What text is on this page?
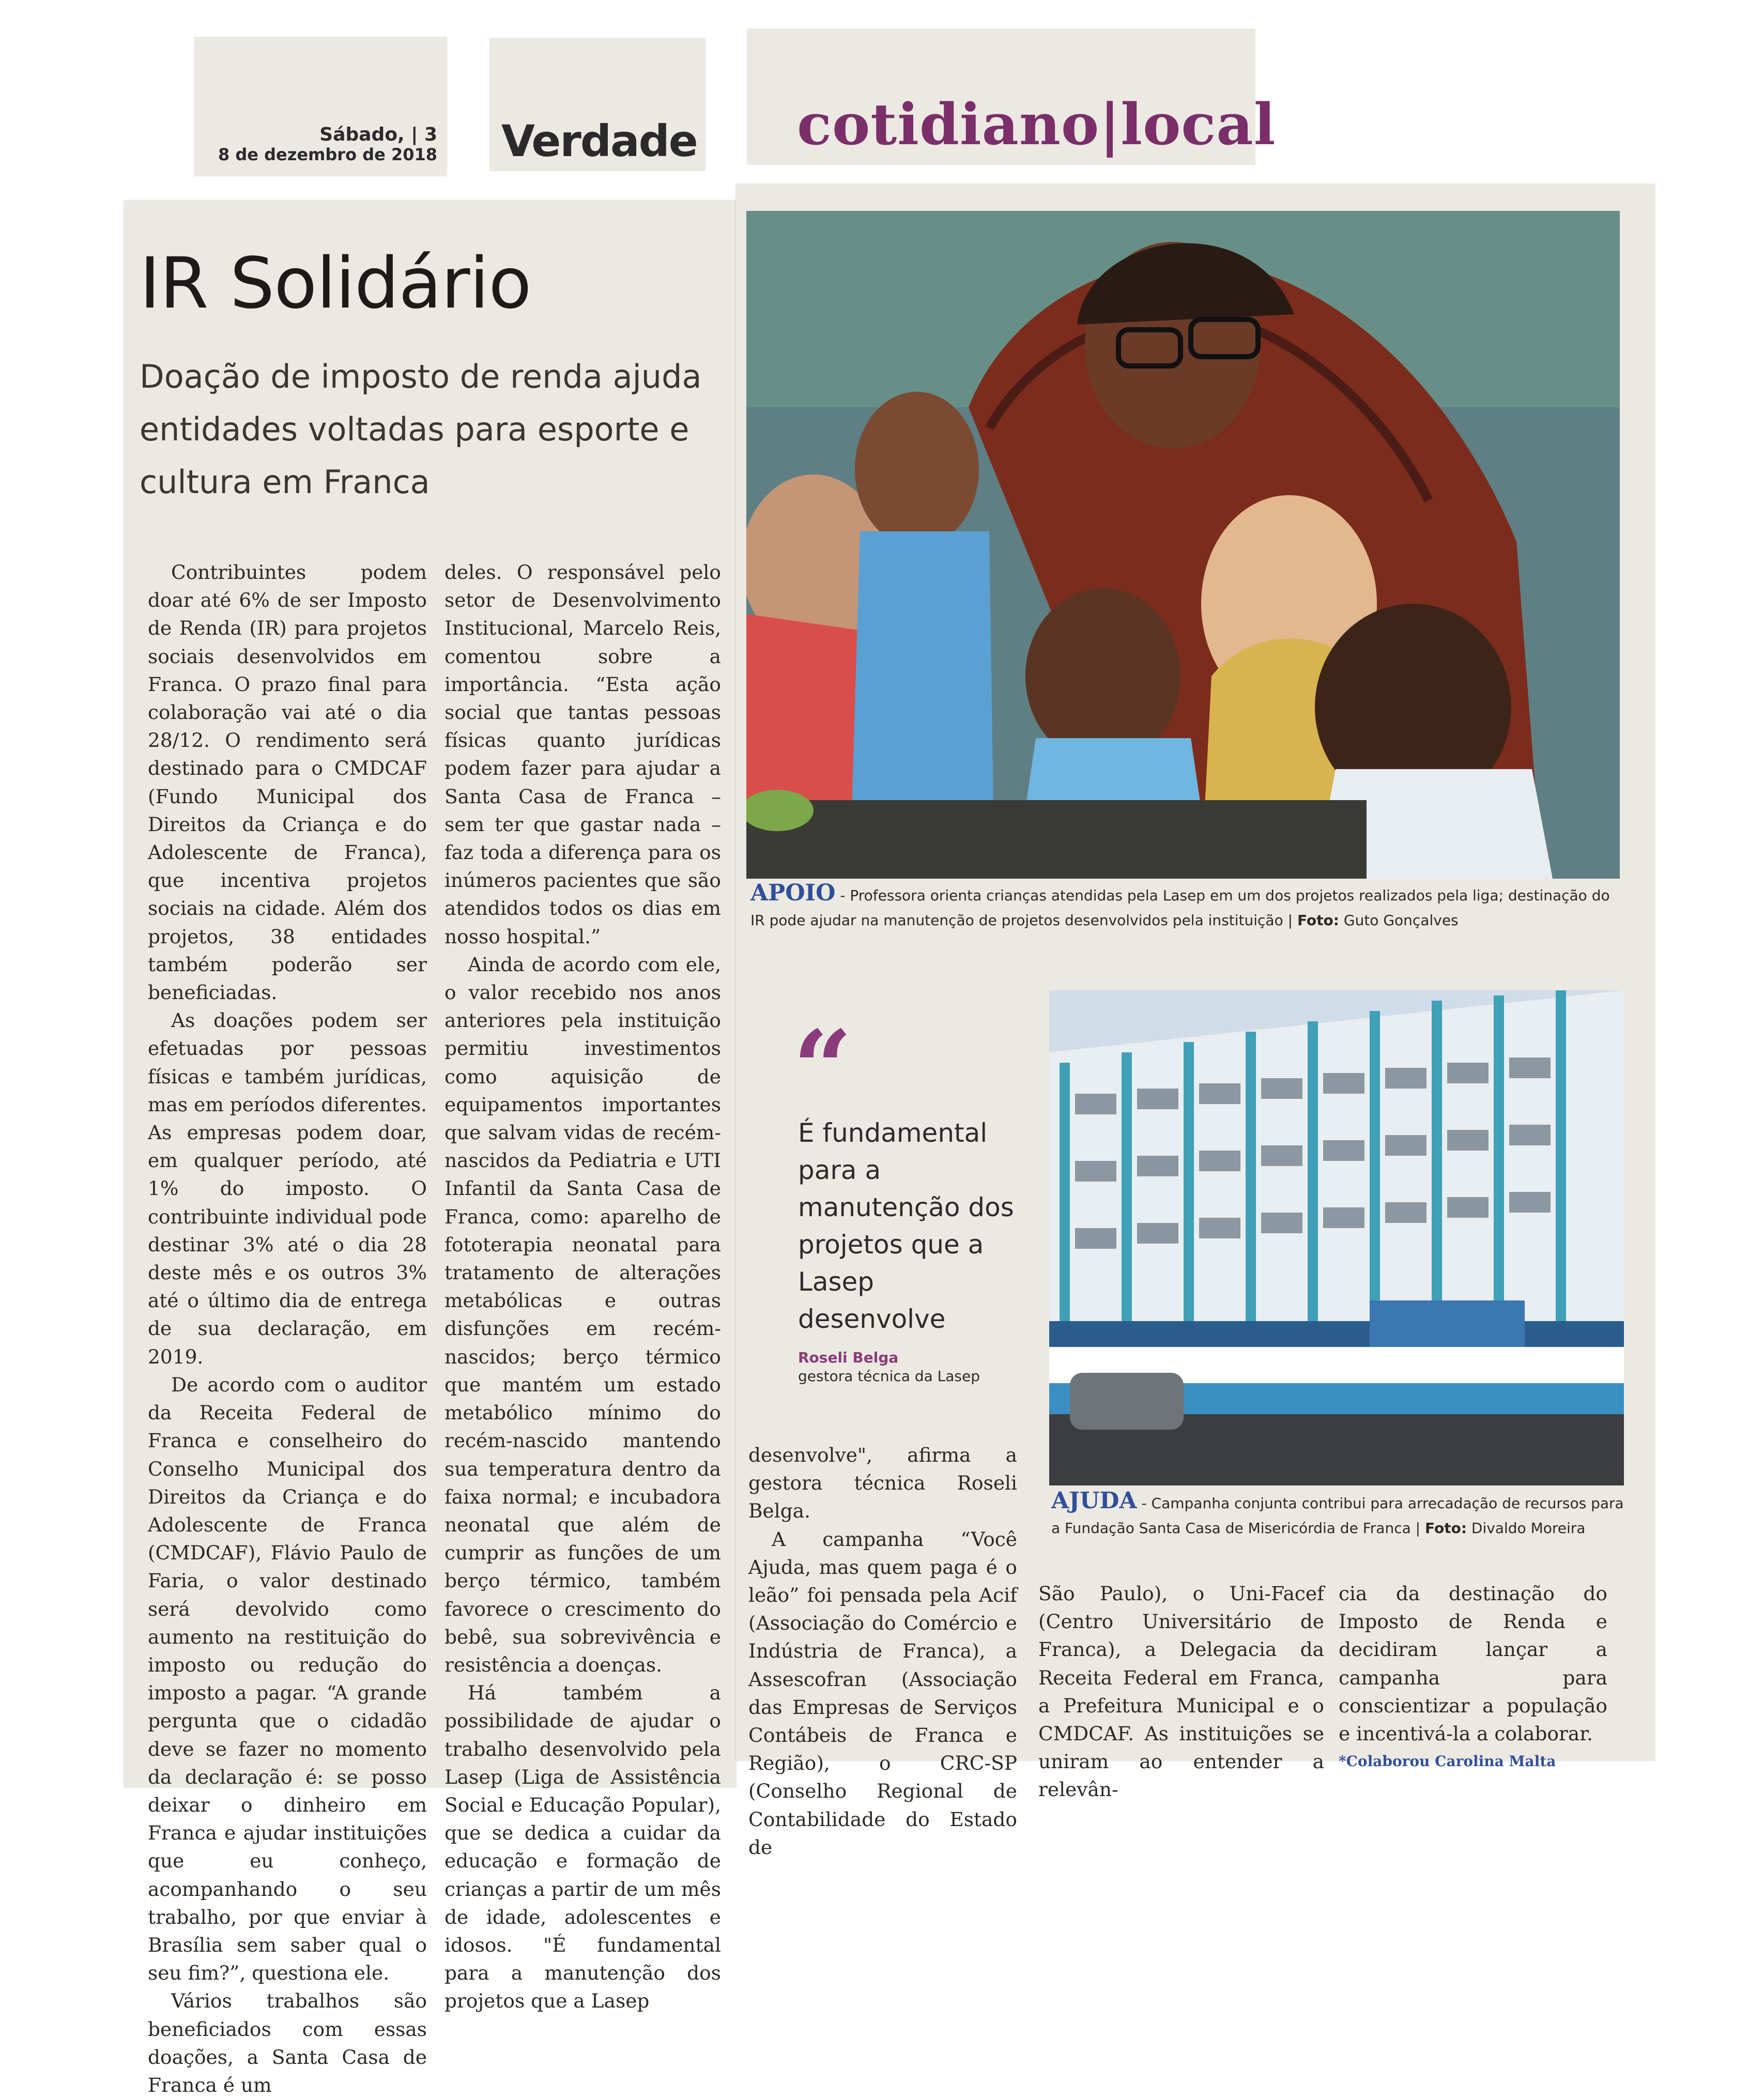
Sábado, | 3
8 de dezembro de 2018 Verdade cotidiano|local
IR Solidário
Doação de imposto de renda ajuda entidades voltadas para esporte e cultura em Franca

Contribuintes podem doar até 6% de ser Imposto de Renda (IR) para projetos sociais desenvolvidos em Franca. O prazo final para colaboração vai até o dia 28/12. O rendimento será destinado para o CMDCAF (Fundo Municipal dos Direitos da Criança e do Adolescente de Franca), que incentiva projetos sociais na cidade. Além dos projetos, 38 entidades também poderão ser beneficiadas.

As doações podem ser efetuadas por pessoas físicas e também jurídicas, mas em períodos diferentes. As empresas podem doar, em qualquer período, até 1% do imposto. O contribuinte individual pode destinar 3% até o dia 28 deste mês e os outros 3% até o último dia de entrega de sua declaração, em 2019.

De acordo com o auditor da Receita Federal de Franca e conselheiro do Conselho Municipal dos Direitos da Criança e do Adolescente de Franca (CMDCAF), Flávio Paulo de Faria, o valor destinado será devolvido como aumento na restituição do imposto ou redução do imposto a pagar. “A grande pergunta que o cidadão deve se fazer no momento da declaração é: se posso deixar o dinheiro em Franca e ajudar instituições que eu conheço, acompanhando o seu trabalho, por que enviar à Brasília sem saber qual o seu fim?”, questiona ele.

Vários trabalhos são beneficiados com essas doações, a Santa Casa de Franca é um

deles. O responsável pelo setor de Desenvolvimento Institucional, Marcelo Reis, comentou sobre a importância. “Esta ação social que tantas pessoas físicas quanto jurídicas podem fazer para ajudar a Santa Casa de Franca – sem ter que gastar nada – faz toda a diferença para os inúmeros pacientes que são atendidos todos os dias em nosso hospital.”

Ainda de acordo com ele, o valor recebido nos anos anteriores pela instituição permitiu investimentos como aquisição de equipamentos importantes que salvam vidas de recém-nascidos da Pediatria e UTI Infantil da Santa Casa de Franca, como: aparelho de fototerapia neonatal para tratamento de alterações metabólicas e outras disfunções em recém-nascidos; berço térmico que mantém um estado metabólico mínimo do recém-nascido mantendo sua temperatura dentro da faixa normal; e incubadora neonatal que além de cumprir as funções de um berço térmico, também favorece o crescimento do bebê, sua sobrevivência e resistência a doenças.

Há também a possibilidade de ajudar o trabalho desenvolvido pela Lasep (Liga de Assistência Social e Educação Popular), que se dedica a cuidar da educação e formação de crianças a partir de um mês de idade, adolescentes e idosos. "É fundamental para a manutenção dos projetos que a Lasep

APOIO - Professora orienta crianças atendidas pela Lasep em um dos projetos realizados pela liga; destinação do IR pode ajudar na manutenção de projetos desenvolvidos pela instituição | Foto: Guto Gonçalves
“
É fundamental para a manutenção dos projetos que a Lasep desenvolve
Roseli Belga
gestora técnica da Lasep
AJUDA - Campanha conjunta contribui para arrecadação de recursos para a Fundação Santa Casa de Misericórdia de Franca | Foto: Divaldo Moreira

desenvolve", afirma a gestora técnica Roseli Belga.

A campanha “Você Ajuda, mas quem paga é o leão” foi pensada pela Acif (Associação do Comércio e Indústria de Franca), a Assescofran (Associação das Empresas de Serviços Contábeis de Franca e Região), o CRC-SP (Conselho Regional de Contabilidade do Estado de

São Paulo), o Uni-Facef (Centro Universitário de Franca), a Delegacia da Receita Federal em Franca, a Prefeitura Municipal e o CMDCAF. As instituições se uniram ao entender a relevân-

cia da destinação do Imposto de Renda e decidiram lançar a campanha para conscientizar a população e incentivá-la a colaborar.

*Colaborou Carolina Malta
